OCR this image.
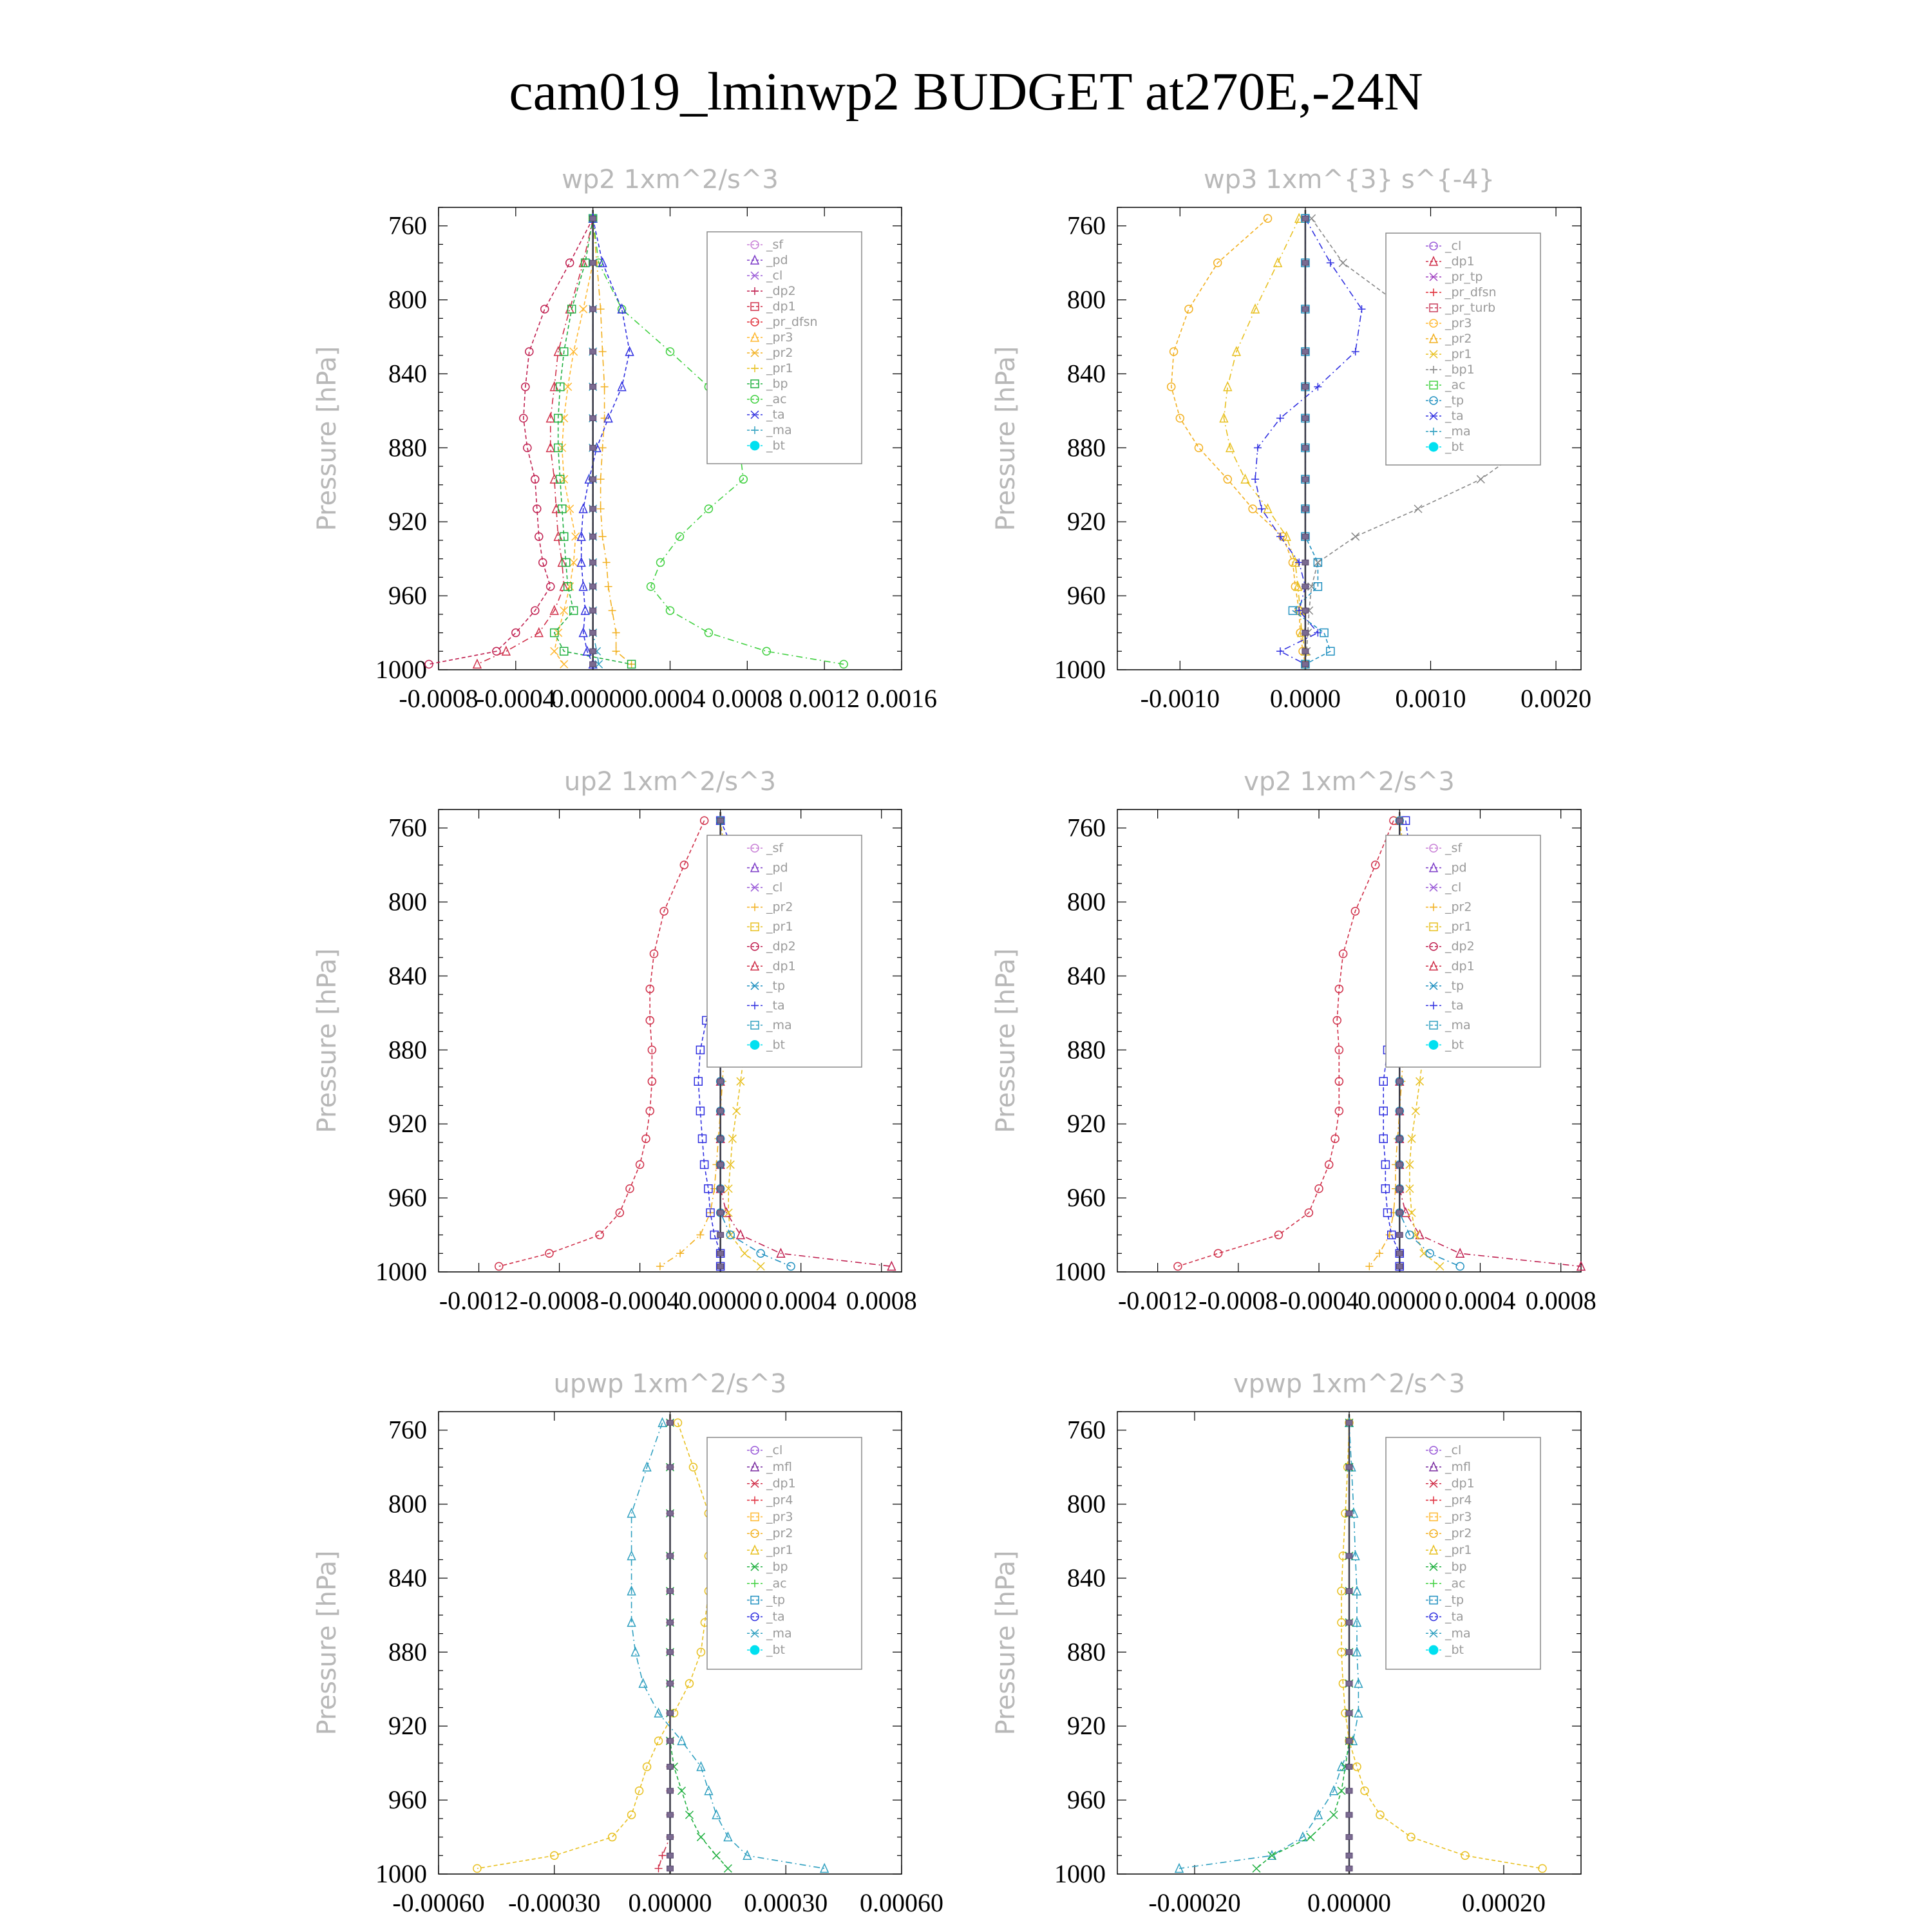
cam019_lminwp2 BUDGET at270E,-24N
wp2 1xm^2/s^3
Pressure [hPa]
760
800
840
880
920
960
1000
-0.0008
-0.0004
0.00000 0.0004 0.0008 0.0012 0.0016
_sf
_pd
_cl
_dp2
_dp1
_pr_dfsn
_pr3
_pr2
_pr1
_bp
_ac
_ta
_ma
_bt
wp3 1xm^{3} s^{-4}
Pressure [hPa]
760
800
840
880
920
960
1000
-0.0010 0.0000 0.0010 0.0020
_cl
_dp1
_pr_tp
_pr_dfsn
_pr_turb
_pr3
_pr2
_pr1
_bp1
_ac
_tp
_ta
_ma
_bt
up2 1xm^2/s^3
Pressure [hPa]
760
800
840
880
920
960
1000
-0.0012 -0.0008 -0.0004
0.00000 0.0004 0.0008
_sf
_pd
_cl
_pr2
_pr1
_dp2
_dp1
_tp
_ta
_ma
_bt
vp2 1xm^2/s^3
Pressure [hPa]
760
800
840
880
920
960
1000
-0.0012 -0.0008 -0.0004
0.00000 0.0004 0.0008
_sf
_pd
_cl
_pr2
_pr1
_dp2
_dp1
_tp
_ta
_ma
_bt
upwp 1xm^2/s^3
Pressure [hPa]
760
800
840
880
920
960
1000
-0.00060 -0.00030 0.00000 0.00030 0.00060
_cl
_mfl
_dp1
_pr4
_pr3
_pr2
_pr1
_bp
_ac
_tp
_ta
_ma
_bt
vpwp 1xm^2/s^3
Pressure [hPa]
760
800
840
880
920
960
1000
-0.00020	0.00000	0.00020
_cl
_mfl
_dp1
_pr4
_pr3
_pr2
_pr1
_bp
_ac
_tp
_ta
_ma
_bt
